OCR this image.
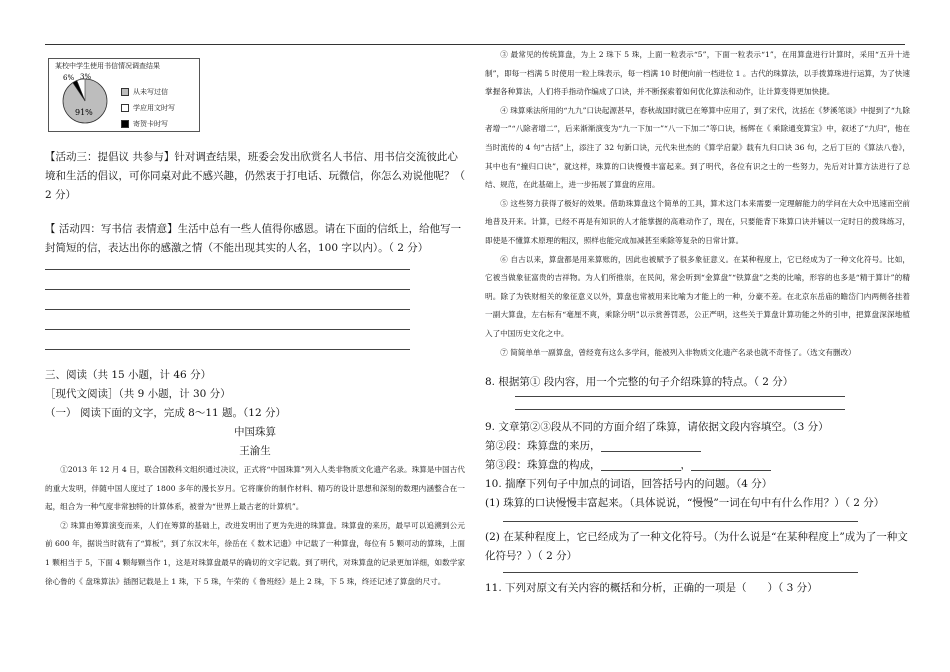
某校中学生使用书信情况调查结果
6% 3%
91%
从未写过信
学应用文时写
寄贺卡时写

【活动三：提倡议 共参与】针对调查结果，班委会发出欣赏名人书信、用书信交流彼此心境和生活的倡议，可你同桌对此不感兴趣，仍然衷于打电话、玩微信，你怎么劝说他呢？（ 2 分）

【 活动四：写书信 表情意】生活中总有一些人值得你感恩。请在下面的信纸上，给他写一封简短的信，表达出你的感激之情（不能出现其实的人名，100 字以内）。（ 2 分）

三、阅读（共 15 小题，计 46 分）

［现代文阅读］（共 9 小题，计 30 分）

（一） 阅读下面的文字，完成 8～11 题。（12 分）

中国珠算

王渝生

①2013 年 12 月 4 日，联合国教科文组织通过决议，正式将“中国珠算”列入人类非物质文化遗产名录。珠算是中国古代的重大发明，伴随中国人度过了 1800 多年的漫长岁月。它将廉价的制作材料、精巧的设计思想和深刻的数理内涵整合在一起，组合为一种气度非常独特的计算体系，被誉为“世界上最古老的计算机”。

② 珠算由筹算演变而来，人们在筹算的基础上，改进发明出了更为先进的珠算盘。珠算盘的来历，最早可以追溯到公元前 600 年，据说当时就有了“算板”，到了东汉末年，徐岳在《 数术记遗》中记载了一种算盘，每位有 5 颗可动的算珠，上面 1 颗相当于 5，下面 4 颗每颗当作 1，这是对珠算盘最早的确切的文字记载。到了明代，对珠算盘的记录更加详细，如数学家徐心鲁的《 盘珠算法》插图记载是上 1 珠，下 5 珠，午荣的《 鲁班经》是上 2 珠，下 5 珠，终还记述了算盘的尺寸。

③ 最常见的传统算盘，为上 2 珠下 5 珠，上面一粒表示“5”，下面一粒表示“1”，在用算盘进行计算时，采用“五升十进制”，即每一档满 5 时使用一粒上珠表示，每一档满 10 时便向前一档进位 1 。古代的珠算法，以手拨算珠进行运算，为了快速掌握各种算法，人们将手指动作编成了口诀，并不断探索着如何优化算法和动作，让计算变得更加快捷。

④ 珠算乘法所用的“九九”口诀起源甚早，春秋战国时就已在筹算中应用了，到了宋代，沈括在《梦溪笔谈》中提到了“九除者增一”“八除者增二”，后来渐渐演变为“九一下加一”“八一下加二”等口诀，杨辉在《 乘除通变算宝》中，叙述了“九归”，他在当时流传的 4 句“古括”上，添注了 32 句新口诀，元代朱世杰的《算学启蒙》载有九归口诀 36 句，之后丁巨的《算法八卷》，其中也有“撞归口诀”，就这样，珠算的口诀慢慢丰富起来。到了明代，各位有识之士的一些努力，先后对计算方法进行了总结、规范，在此基础上，进一步拓展了算盘的应用。

⑤ 这些努力获得了极好的效果。借助珠算盘这个简单的工具，算术这门本来需要一定理解能力的学问在大众中迅速而空前地普及开来。计算，已经不再是有知识的人才能掌握的高难动作了，现在，只要能背下珠算口诀并辅以一定时日的拨珠练习，即使是不懂算术原理的粗汉，照样也能完成加减甚至乘除等复杂的日常计算。

⑥ 自古以来，算盘都是用来算账的，因此也被赋予了很多象征意义。在某种程度上，它已经成为了一种文化符号。比如，它被当做象征富贵的吉祥物。为人们所推崇，在民间，常会听到“金算盘”“铁算盘”之类的比喻，形容的也多是“精于算计”的精明。除了为铁财相关的象征意义以外，算盘也常被用来比喻为才能上的一种，分豪不差。在北京东岳庙的瞻岱门内两侧各挂着一副大算盘，左右标有“毫厘不爽，乘除分明”以示赏善罚恶，公正严明，这些关于算盘计算功能之外的引申，把算盘深深地植入了中国历史文化之中。

⑦ 简简单单一副算盘，曾经竟有这么多学问，能被列入非物质文化遗产名录也就不奇怪了。（选文有删改）

8. 根据第① 段内容，用一个完整的句子介绍珠算的特点。（ 2 分）

9. 文章第②③段从不同的方面介绍了珠算，请依据文段内容填空。（3 分）

第②段：珠算盘的来历，
第③段：珠算盘的构成，	，

10. 揣摩下列句子中加点的词语，回答括号内的问题。（4 分）

(1) 珠算的口诀慢慢丰富起来。（具体说说，“慢慢”一词在句中有什么作用？）（ 2 分）

(2) 在某种程度上，它已经成为了一种文化符号。（为什么说是“在某种程度上”成为了一种文化符号？）（ 2 分）

11. 下列对原文有关内容的概括和分析，正确的一项是（　　）（ 3 分）
